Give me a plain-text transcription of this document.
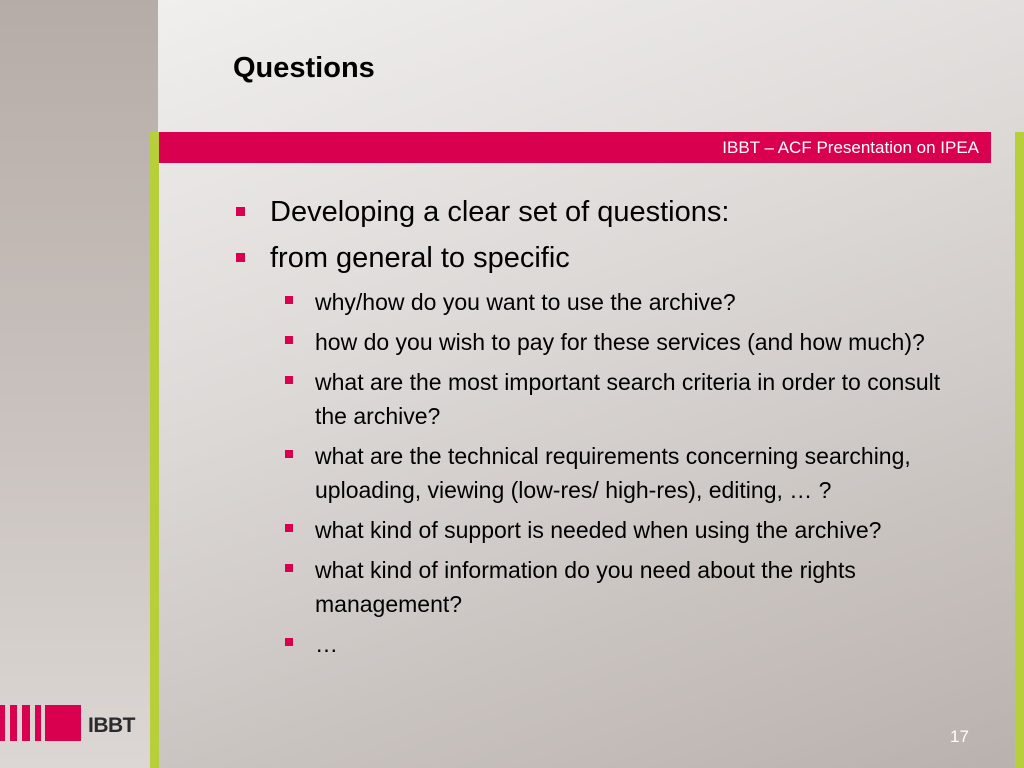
Questions
IBBT – ACF Presentation on IPEA
Developing a clear set of questions:
from general to specific
why/how do you want to use the archive?
how do you wish to pay for these services (and how much)?
what are the most important search criteria in order to consult the archive?
what are the technical requirements concerning searching, uploading, viewing (low-res/ high-res), editing, … ?
what kind of support is needed when using the archive?
what kind of information do you need about the rights management?
…
IBBT	17
